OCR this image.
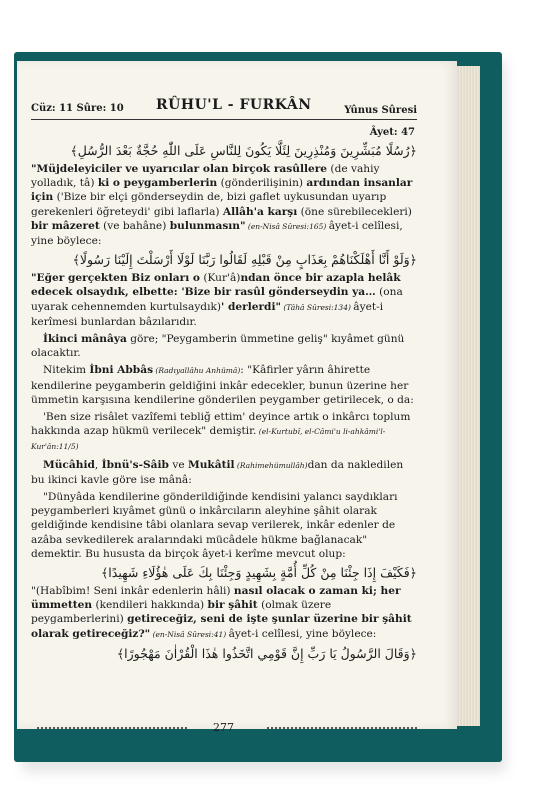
Cüz: 11 Sûre: 10 RÛHU'L - FURKÂN	Yûnus Sûresi
Âyet: 47

﴿رُسُلًا مُبَشِّرِينَ وَمُنْذِرِينَ لِئَلَّا يَكُونَ لِلنَّاسِ عَلَى اللّٰهِ حُجَّةٌ بَعْدَ الرُّسُلِ﴾

"Müjdeleyiciler ve uyarıcılar olan birçok rasûllere (de vahiy yolladık, tâ) ki o peygamberlerin (gönderilişinin) ardından insanlar için ('Bize bir elçi gönderseydin de, bizi gaflet uykusundan uyarıp gerekenleri öğreteydi' gibi laflarla) Allâh'a karşı (öne sürebilecekleri) bir mâzeret (ve bahâne) bulunmasın" (en-Nisâ Sûresi:165) âyet-i celîlesi, yine böylece:

﴿وَلَوْ أَنَّا أَهْلَكْنَاهُمْ بِعَذَابٍ مِنْ قَبْلِهِ لَقَالُوا رَبَّنَا لَوْلَا أَرْسَلْتَ إِلَيْنَا رَسُولًا﴾

"Eğer gerçekten Biz onları o (Kur'â)ndan önce bir azapla helâk edecek olsaydık, elbette: 'Bize bir rasûl gönderseydin ya… (ona uyarak cehennemden kurtulsaydık)' derlerdi" (Tâhâ Sûresi:134) âyet-i kerîmesi bunlardan bâzılarıdır.

İkinci mânâya göre; "Peygamberin ümmetine geliş" kıyâmet günü olacaktır.

Nitekim İbni Abbâs (Radıyallâhu Anhümâ): "Kâfirler yârın âhirette kendilerine peygamberin geldiğini inkâr edecekler, bunun üzerine her ümmetin karşısına kendilerine gönderilen peygamber getirilecek, o da:

'Ben size risâlet vazîfemi tebliğ ettim' deyince artık o inkârcı toplum hakkında azap hükmü verilecek" demiştir. (el-Kurtubî, el-Câmi'u li-ahkâmi'l-Kur'ân:11/5)

Mücâhid, İbnü's-Sâib ve Mukâtil (Rahimehümullâh)dan da nakledilen bu ikinci kavle göre ise mânâ:

"Dünyâda kendilerine gönderildiğinde kendisini yalancı saydıkları peygamberleri kıyâmet günü o inkârcıların aleyhine şâhit olarak geldiğinde kendisine tâbi olanlara sevap verilerek, inkâr edenler de azâba sevkedilerek aralarındaki mücâdele hükme bağlanacak" demektir. Bu hususta da birçok âyet-i kerîme mevcut olup:

﴿فَكَيْفَ إِذَا جِئْنَا مِنْ كُلِّ أُمَّةٍ بِشَهِيدٍ وَجِئْنَا بِكَ عَلَى هٰؤُلَاءِ شَهِيدًا﴾

"(Habîbim! Seni inkâr edenlerin hâli) nasıl olacak o zaman ki; her ümmetten (kendileri hakkında) bir şâhit (olmak üzere peygamberlerini) getireceğiz, seni de işte şunlar üzerine bir şâhit olarak getireceğiz?" (en-Nisâ Sûresi:41) âyet-i celîlesi, yine böylece:

﴿وَقَالَ الرَّسُولُ يَا رَبِّ إِنَّ قَوْمِي اتَّخَذُوا هٰذَا الْقُرْاٰنَ مَهْجُورًا﴾

277
